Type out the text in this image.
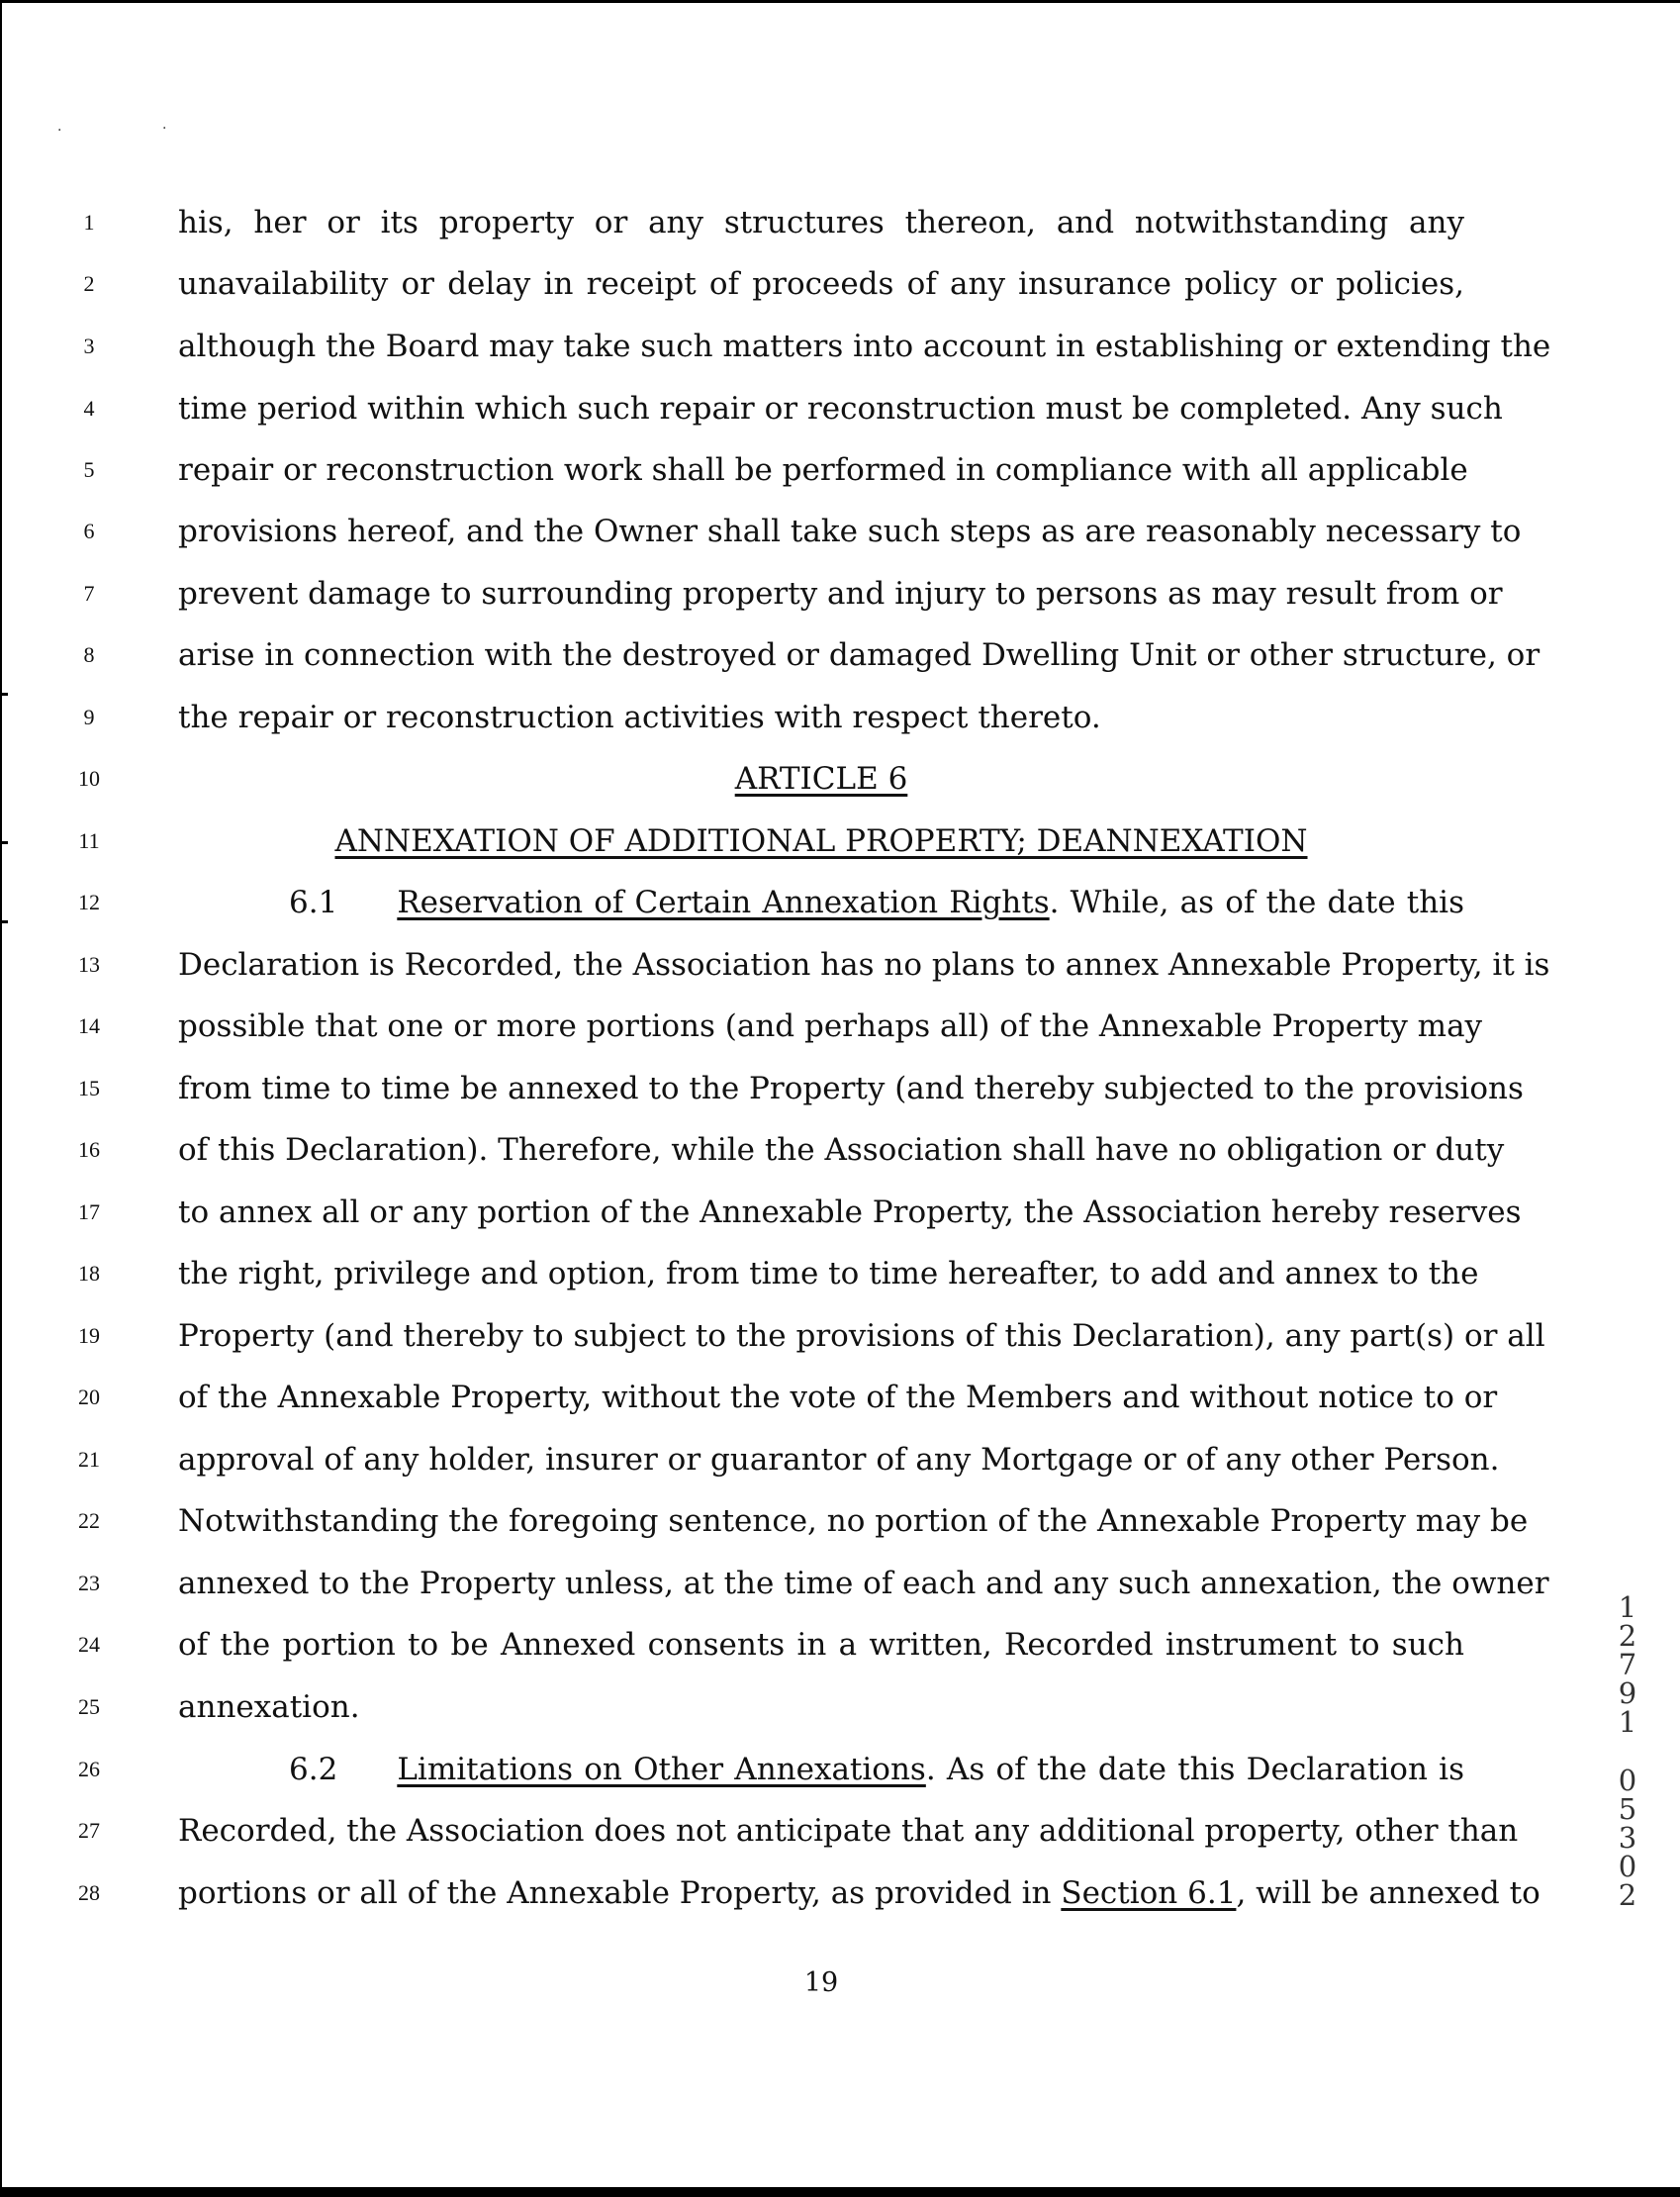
·	·
1
2
3
4
5
6
7
8
9
10
11
12
13
14
15
16
17
18
19
20
21
22
23
24
25
26
27
28
his, her or its property or any structures thereon, and notwithstanding any
unavailability or delay in receipt of proceeds of any insurance policy or policies,
although the Board may take such matters into account in establishing or extending the
time period within which such repair or reconstruction must be completed. Any such
repair or reconstruction work shall be performed in compliance with all applicable
provisions hereof, and the Owner shall take such steps as are reasonably necessary to
prevent damage to surrounding property and injury to persons as may result from or
arise in connection with the destroyed or damaged Dwelling Unit or other structure, or
the repair or reconstruction activities with respect thereto.
ARTICLE 6
ANNEXATION OF ADDITIONAL PROPERTY; DEANNEXATION
6.1 Reservation of Certain Annexation Rights. While, as of the date this
Declaration is Recorded, the Association has no plans to annex Annexable Property, it is
possible that one or more portions (and perhaps all) of the Annexable Property may
from time to time be annexed to the Property (and thereby subjected to the provisions
of this Declaration). Therefore, while the Association shall have no obligation or duty
to annex all or any portion of the Annexable Property, the Association hereby reserves
the right, privilege and option, from time to time hereafter, to add and annex to the
Property (and thereby to subject to the provisions of this Declaration), any part(s) or all
of the Annexable Property, without the vote of the Members and without notice to or
approval of any holder, insurer or guarantor of any Mortgage or of any other Person.
Notwithstanding the foregoing sentence, no portion of the Annexable Property may be
annexed to the Property unless, at the time of each and any such annexation, the owner
of the portion to be Annexed consents in a written, Recorded instrument to such
annexation.
6.2 Limitations on Other Annexations. As of the date this Declaration is
Recorded, the Association does not anticipate that any additional property, other than
portions or all of the Annexable Property, as provided in Section 6.1, will be annexed to
19
1
2
7
9
1
0
5
3
0
2
